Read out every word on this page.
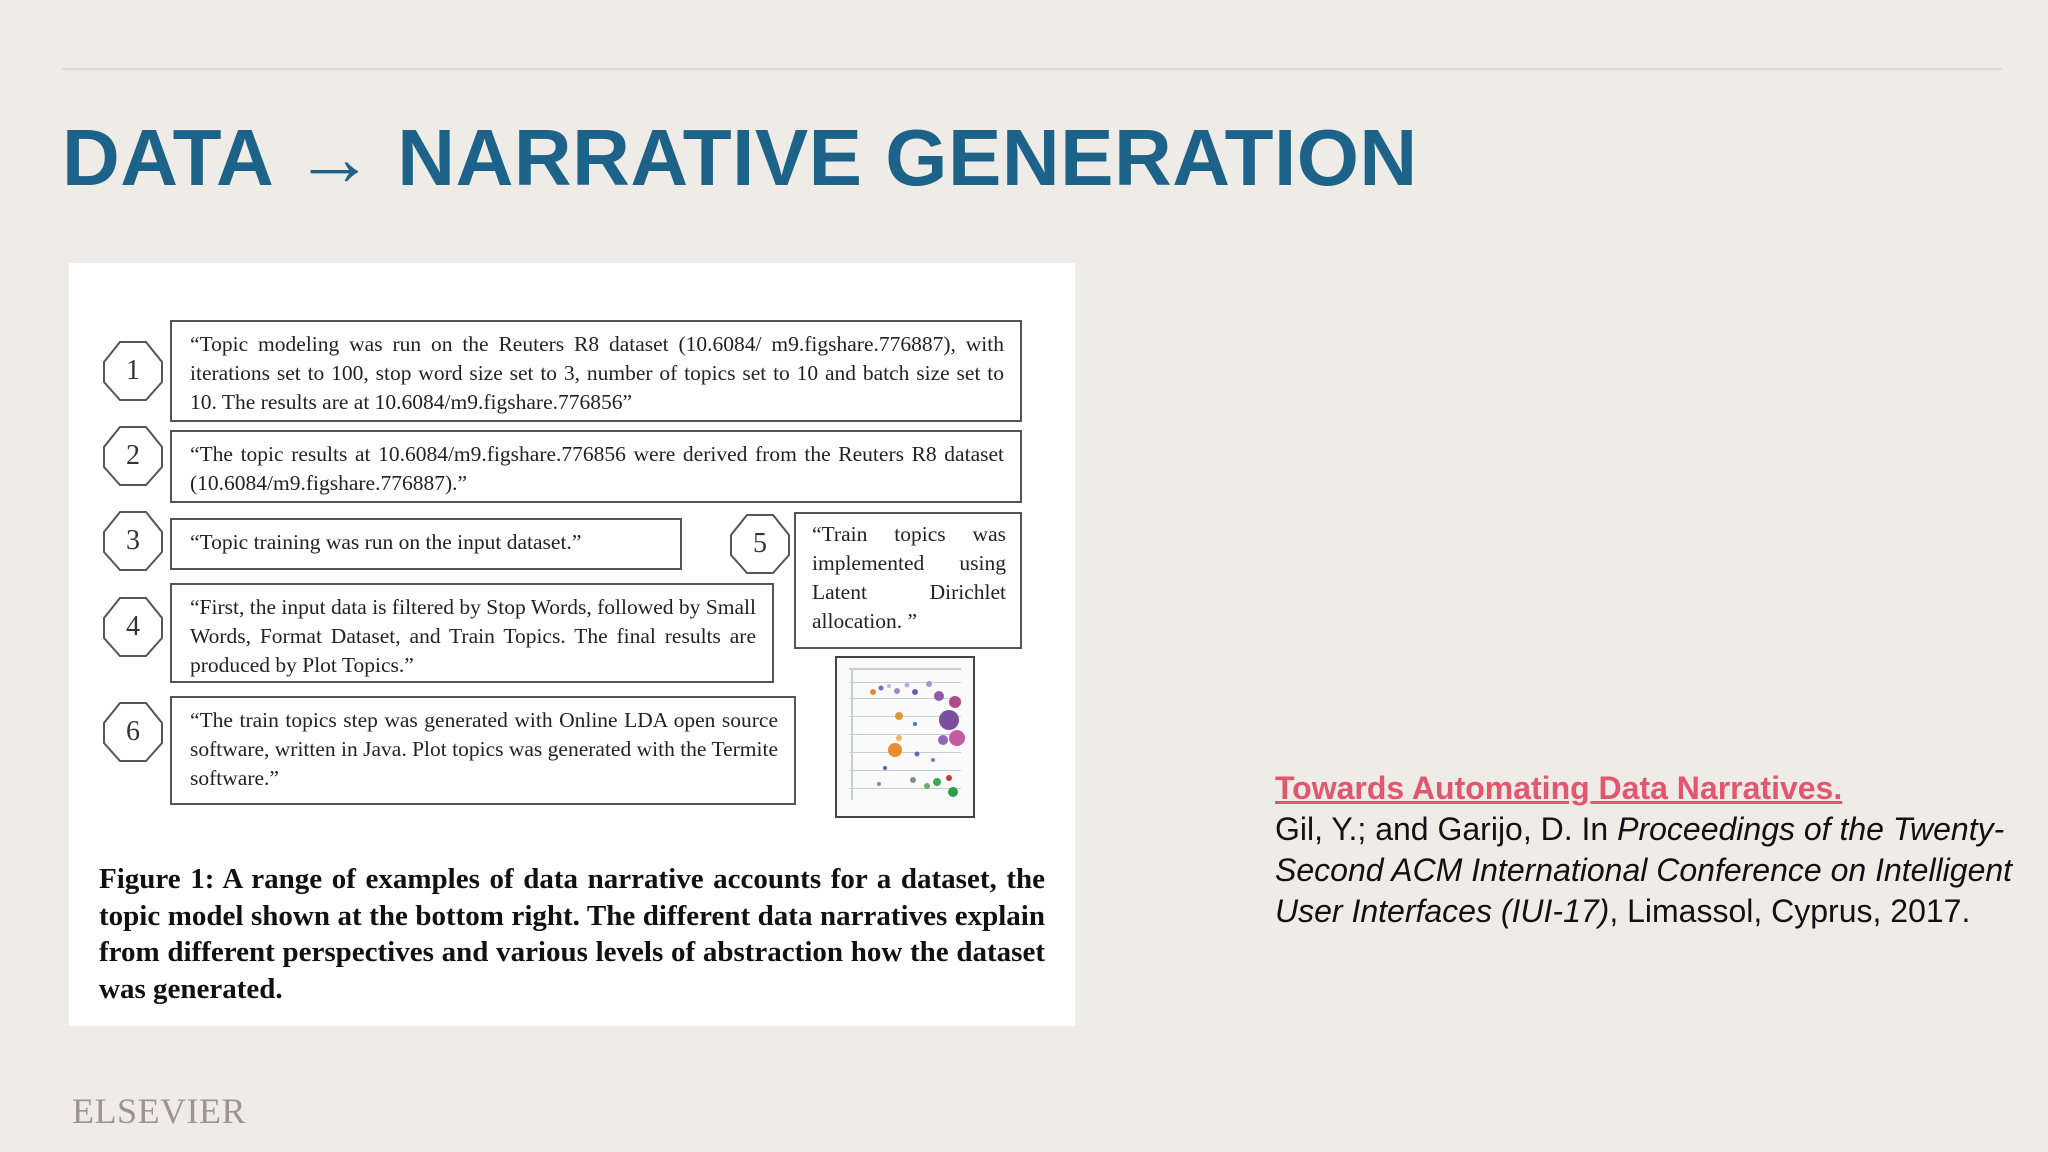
DATA → NARRATIVE GENERATION
1
“Topic modeling was run on the Reuters R8 dataset (10.6084/ m9.figshare.776887), with iterations set to 100, stop word size set to 3, number of topics set to 10 and batch size set to 10. The results are at 10.6084/m9.figshare.776856”
2	“The topic results at 10.6084/m9.figshare.776856 were derived from the Reuters R8 dataset (10.6084/m9.figshare.776887).”
3	“Topic training was run on the input dataset.”	5	“Train topics was implemented using Latent Dirichlet allocation. ”
4
“First, the input data is filtered by Stop Words, followed by Small Words, Format Dataset, and Train Topics. The final results are produced by Plot Topics.”
6	“The train topics step was generated with Online LDA open source software, written in Java. Plot topics was generated with the Termite software.”
Figure 1: A range of examples of data narrative accounts for a dataset, the topic model shown at the bottom right. The different data narratives explain from different perspectives and various levels of abstraction how the dataset was generated.
Towards Automating Data Narratives.
Gil, Y.; and Garijo, D. In Proceedings of the Twenty-Second ACM International Conference on Intelligent User Interfaces (IUI-17), Limassol, Cyprus, 2017.
ELSEVIER
